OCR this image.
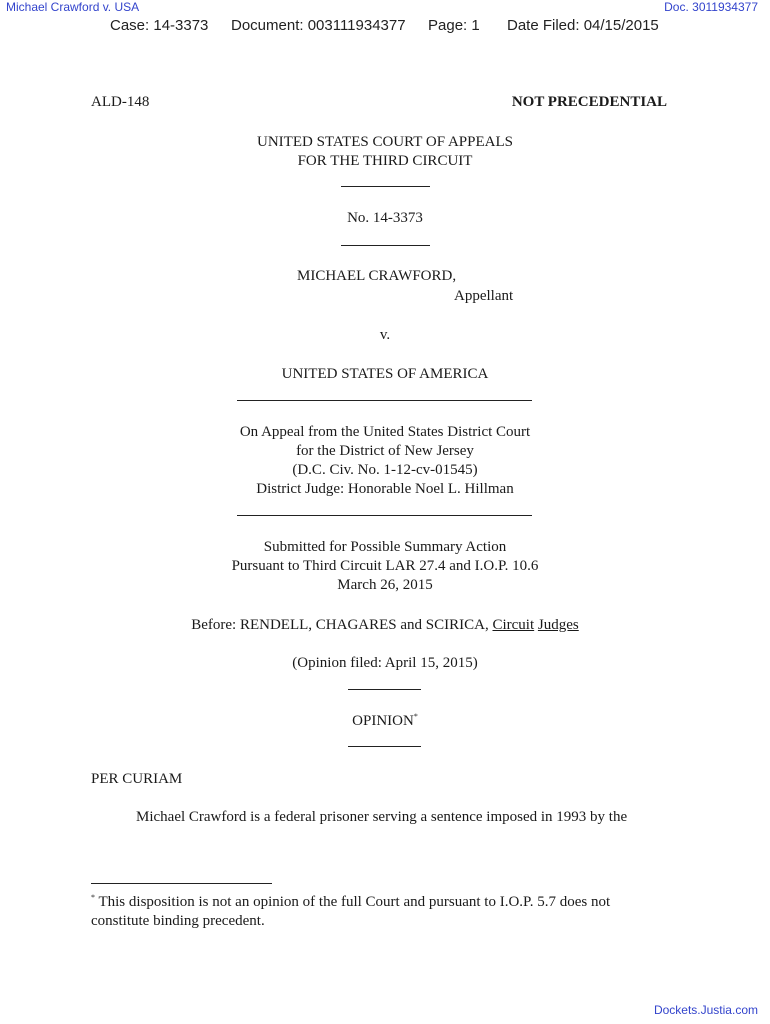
Michael Crawford v. USA	Doc. 3011934377
Case: 14-3373 Document: 003111934377 Page: 1 Date Filed: 04/15/2015
ALD-148	NOT PRECEDENTIAL
UNITED STATES COURT OF APPEALS
FOR THE THIRD CIRCUIT
No. 14-3373
MICHAEL CRAWFORD,
Appellant
v.
UNITED STATES OF AMERICA
On Appeal from the United States District Court
for the District of New Jersey
(D.C. Civ. No. 1-12-cv-01545)
District Judge: Honorable Noel L. Hillman
Submitted for Possible Summary Action
Pursuant to Third Circuit LAR 27.4 and I.O.P. 10.6
March 26, 2015
Before: RENDELL, CHAGARES and SCIRICA, Circuit Judges
(Opinion filed: April 15, 2015)
OPINION*
PER CURIAM
Michael Crawford is a federal prisoner serving a sentence imposed in 1993 by the
* This disposition is not an opinion of the full Court and pursuant to I.O.P. 5.7 does not
constitute binding precedent.
Dockets.Justia.com
